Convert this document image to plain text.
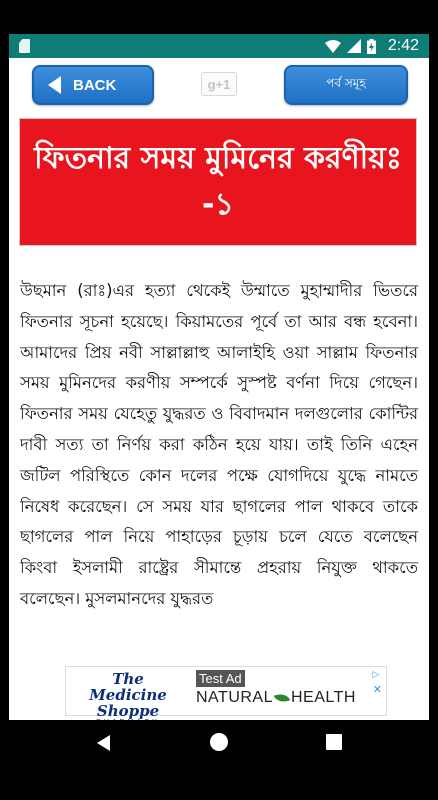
2:42
BACK	g+1	পর্ব সমূহ
ফিতনার সময় মুমিনের করণীয়ঃ -১

উছমান (রাঃ)এর হত্যা থেকেই উম্মাতে মুহাম্মাদীর ভিতরে ফিতনার সূচনা হয়েছে। কিয়ামতের পূর্বে তা আর বন্ধ হবেনা। আমাদের প্রিয় নবী সাল্লাল্লাহু আলাইহি ওয়া সাল্লাম ফিতনার সময় মুমিনদের করণীয় সম্পর্কে সুস্পষ্ট বর্ণনা দিয়ে গেছেন। ফিতনার সময় যেহেতু যুদ্ধরত ও বিবাদমান দলগুলোর কোন্টির দাবী সত্য তা নির্ণয় করা কঠিন হয়ে যায়। তাই তিনি এহেন জটিল পরিস্থিতে কোন দলের পক্ষে যোগদিয়ে যুদ্ধে নামতে নিষেধ করেছেন। সে সময় যার ছাগলের পাল থাকবে তাকে ছাগলের পাল নিয়ে পাহাড়ের চূড়ায় চলে যেতে বলেছেন কিংবা ইসলামী রাষ্ট্রের সীমান্তে প্রহরায় নিযুক্ত থাকতে বলেছেন। মুসলমানদের যুদ্ধরত

The Medicine
Shoppe
Test Ad
NATURAL HEALTH
▷
✕
